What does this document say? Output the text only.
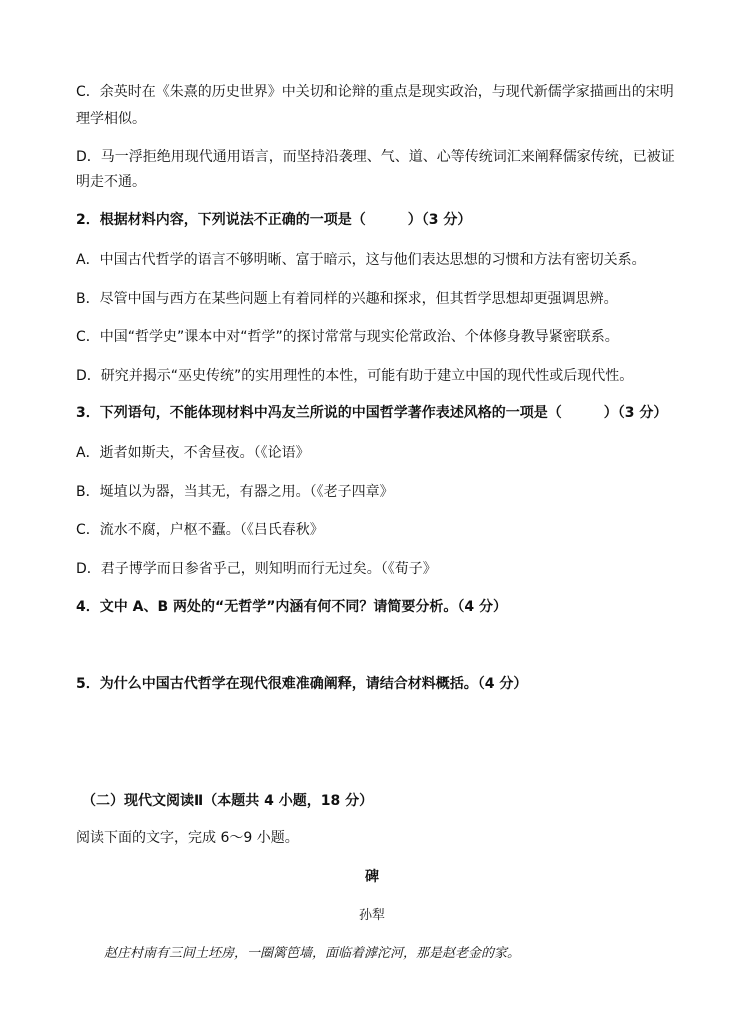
C．余英时在《朱熹的历史世界》中关切和论辩的重点是现实政治，与现代新儒学家描画出的宋明
理学相似。
D．马一浮拒绝用现代通用语言，而坚持沿袭理、气、道、心等传统词汇来阐释儒家传统，已被证
明走不通。
2．根据材料内容，下列说法不正确的一项是（　　　）（3 分）
A．中国古代哲学的语言不够明晰、富于暗示，这与他们表达思想的习惯和方法有密切关系。
B．尽管中国与西方在某些问题上有着同样的兴趣和探求，但其哲学思想却更强调思辨。
C．中国“哲学史”课本中对“哲学”的探讨常常与现实伦常政治、个体修身教导紧密联系。
D．研究并揭示“巫史传统”的实用理性的本性，可能有助于建立中国的现代性或后现代性。
3．下列语句，不能体现材料中冯友兰所说的中国哲学著作表述风格的一项是（　　　）（3 分）
A．逝者如斯夫，不舍昼夜。（《论语》
B．埏埴以为器，当其无，有器之用。（《老子四章》
C．流水不腐，户枢不蠹。（《吕氏春秋》
D．君子博学而日参省乎己，则知明而行无过矣。（《荀子》
4．文中 A、B 两处的“无哲学”内涵有何不同？请简要分析。（4 分）
5．为什么中国古代哲学在现代很难准确阐释，请结合材料概括。（4 分）
（二）现代文阅读Ⅱ（本题共 4 小题，18 分）
阅读下面的文字，完成 6～9 小题。
碑
孙犁
赵庄村南有三间土坯房，一圈篱笆墙，面临着滹沱河，那是赵老金的家。
